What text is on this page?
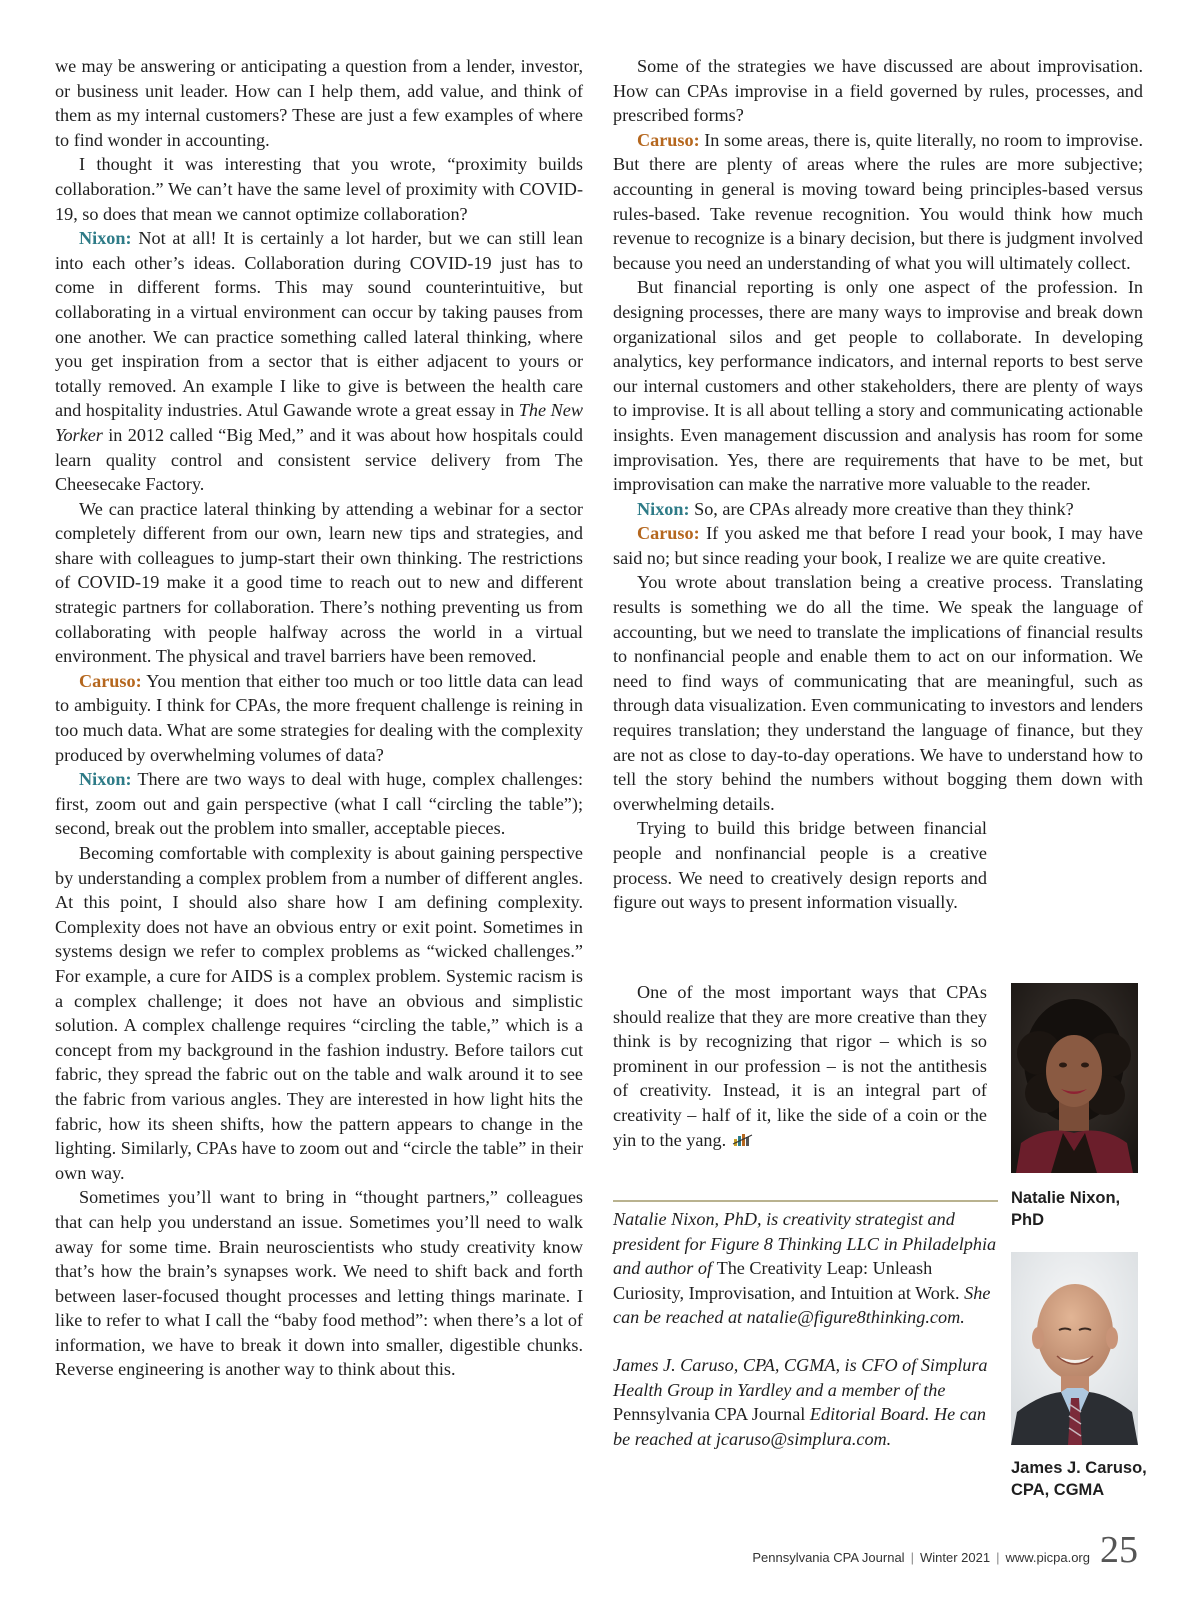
we may be answering or anticipating a question from a lender, investor, or business unit leader. How can I help them, add value, and think of them as my internal customers? These are just a few examples of where to find wonder in accounting.

I thought it was interesting that you wrote, “proximity builds collaboration.” We can’t have the same level of proximity with COVID-19, so does that mean we cannot optimize collaboration?

Nixon: Not at all! It is certainly a lot harder, but we can still lean into each other’s ideas. Collaboration during COVID-19 just has to come in different forms. This may sound counterintuitive, but collaborating in a virtual environment can occur by taking pauses from one another. We can practice something called lateral thinking, where you get inspiration from a sector that is either adjacent to yours or totally removed. An example I like to give is between the health care and hospitality industries. Atul Gawande wrote a great essay in The New Yorker in 2012 called “Big Med,” and it was about how hospitals could learn quality control and consistent service delivery from The Cheesecake Factory.

We can practice lateral thinking by attending a webinar for a sector completely different from our own, learn new tips and strategies, and share with colleagues to jump-start their own thinking. The restrictions of COVID-19 make it a good time to reach out to new and different strategic partners for collaboration. There’s nothing preventing us from collaborating with people halfway across the world in a virtual environment. The physical and travel barriers have been removed.

Caruso: You mention that either too much or too little data can lead to ambiguity. I think for CPAs, the more frequent challenge is reining in too much data. What are some strategies for dealing with the complexity produced by overwhelming volumes of data?

Nixon: There are two ways to deal with huge, complex challenges: first, zoom out and gain perspective (what I call “circling the table”); second, break out the problem into smaller, acceptable pieces.

Becoming comfortable with complexity is about gaining perspective by understanding a complex problem from a number of different angles. At this point, I should also share how I am defining complexity. Complexity does not have an obvious entry or exit point. Sometimes in systems design we refer to complex problems as “wicked challenges.” For example, a cure for AIDS is a complex problem. Systemic racism is a complex challenge; it does not have an obvious and simplistic solution. A complex challenge requires “circling the table,” which is a concept from my background in the fashion industry. Before tailors cut fabric, they spread the fabric out on the table and walk around it to see the fabric from various angles. They are interested in how light hits the fabric, how its sheen shifts, how the pattern appears to change in the lighting. Similarly, CPAs have to zoom out and “circle the table” in their own way.

Sometimes you’ll want to bring in “thought partners,” colleagues that can help you understand an issue. Sometimes you’ll need to walk away for some time. Brain neuroscientists who study creativity know that’s how the brain’s synapses work. We need to shift back and forth between laser-focused thought processes and letting things marinate. I like to refer to what I call the “baby food method”: when there’s a lot of information, we have to break it down into smaller, digestible chunks. Reverse engineering is another way to think about this.

Some of the strategies we have discussed are about improvisation. How can CPAs improvise in a field governed by rules, processes, and prescribed forms?

Caruso: In some areas, there is, quite literally, no room to improvise. But there are plenty of areas where the rules are more subjective; accounting in general is moving toward being principles-based versus rules-based. Take revenue recognition. You would think how much revenue to recognize is a binary decision, but there is judgment involved because you need an understanding of what you will ultimately collect.

But financial reporting is only one aspect of the profession. In designing processes, there are many ways to improvise and break down organizational silos and get people to collaborate. In developing analytics, key performance indicators, and internal reports to best serve our internal customers and other stakeholders, there are plenty of ways to improvise. It is all about telling a story and communicating actionable insights. Even management discussion and analysis has room for some improvisation. Yes, there are requirements that have to be met, but improvisation can make the narrative more valuable to the reader.

Nixon: So, are CPAs already more creative than they think?

Caruso: If you asked me that before I read your book, I may have said no; but since reading your book, I realize we are quite creative.

You wrote about translation being a creative process. Translating results is something we do all the time. We speak the language of accounting, but we need to translate the implications of financial results to nonfinancial people and enable them to act on our information. We need to find ways of communicating that are meaningful, such as through data visualization. Even communicating to investors and lenders requires translation; they understand the language of finance, but they are not as close to day-to-day operations. We have to understand how to tell the story behind the numbers without bogging them down with overwhelming details.

Trying to build this bridge between financial people and nonfinancial people is a creative process. We need to creatively design reports and figure out ways to present information visually.

One of the most important ways that CPAs should realize that they are more creative than they think is by recognizing that rigor – which is so prominent in our profession – is not the antithesis of creativity. Instead, it is an integral part of creativity – half of it, like the side of a coin or the yin to the yang.

Natalie Nixon, PhD, is creativity strategist and president for Figure 8 Thinking LLC in Philadelphia and author of The Creativity Leap: Unleash Curiosity, Improvisation, and Intuition at Work. She can be reached at natalie@figure8thinking.com.
James J. Caruso, CPA, CGMA, is CFO of Simplura Health Group in Yardley and a member of the Pennsylvania CPA Journal Editorial Board. He can be reached at jcaruso@simplura.com.
Natalie Nixon,
PhD
James J. Caruso,
CPA, CGMA
Pennsylvania CPA Journal | Winter 2021 | www.picpa.org 25
